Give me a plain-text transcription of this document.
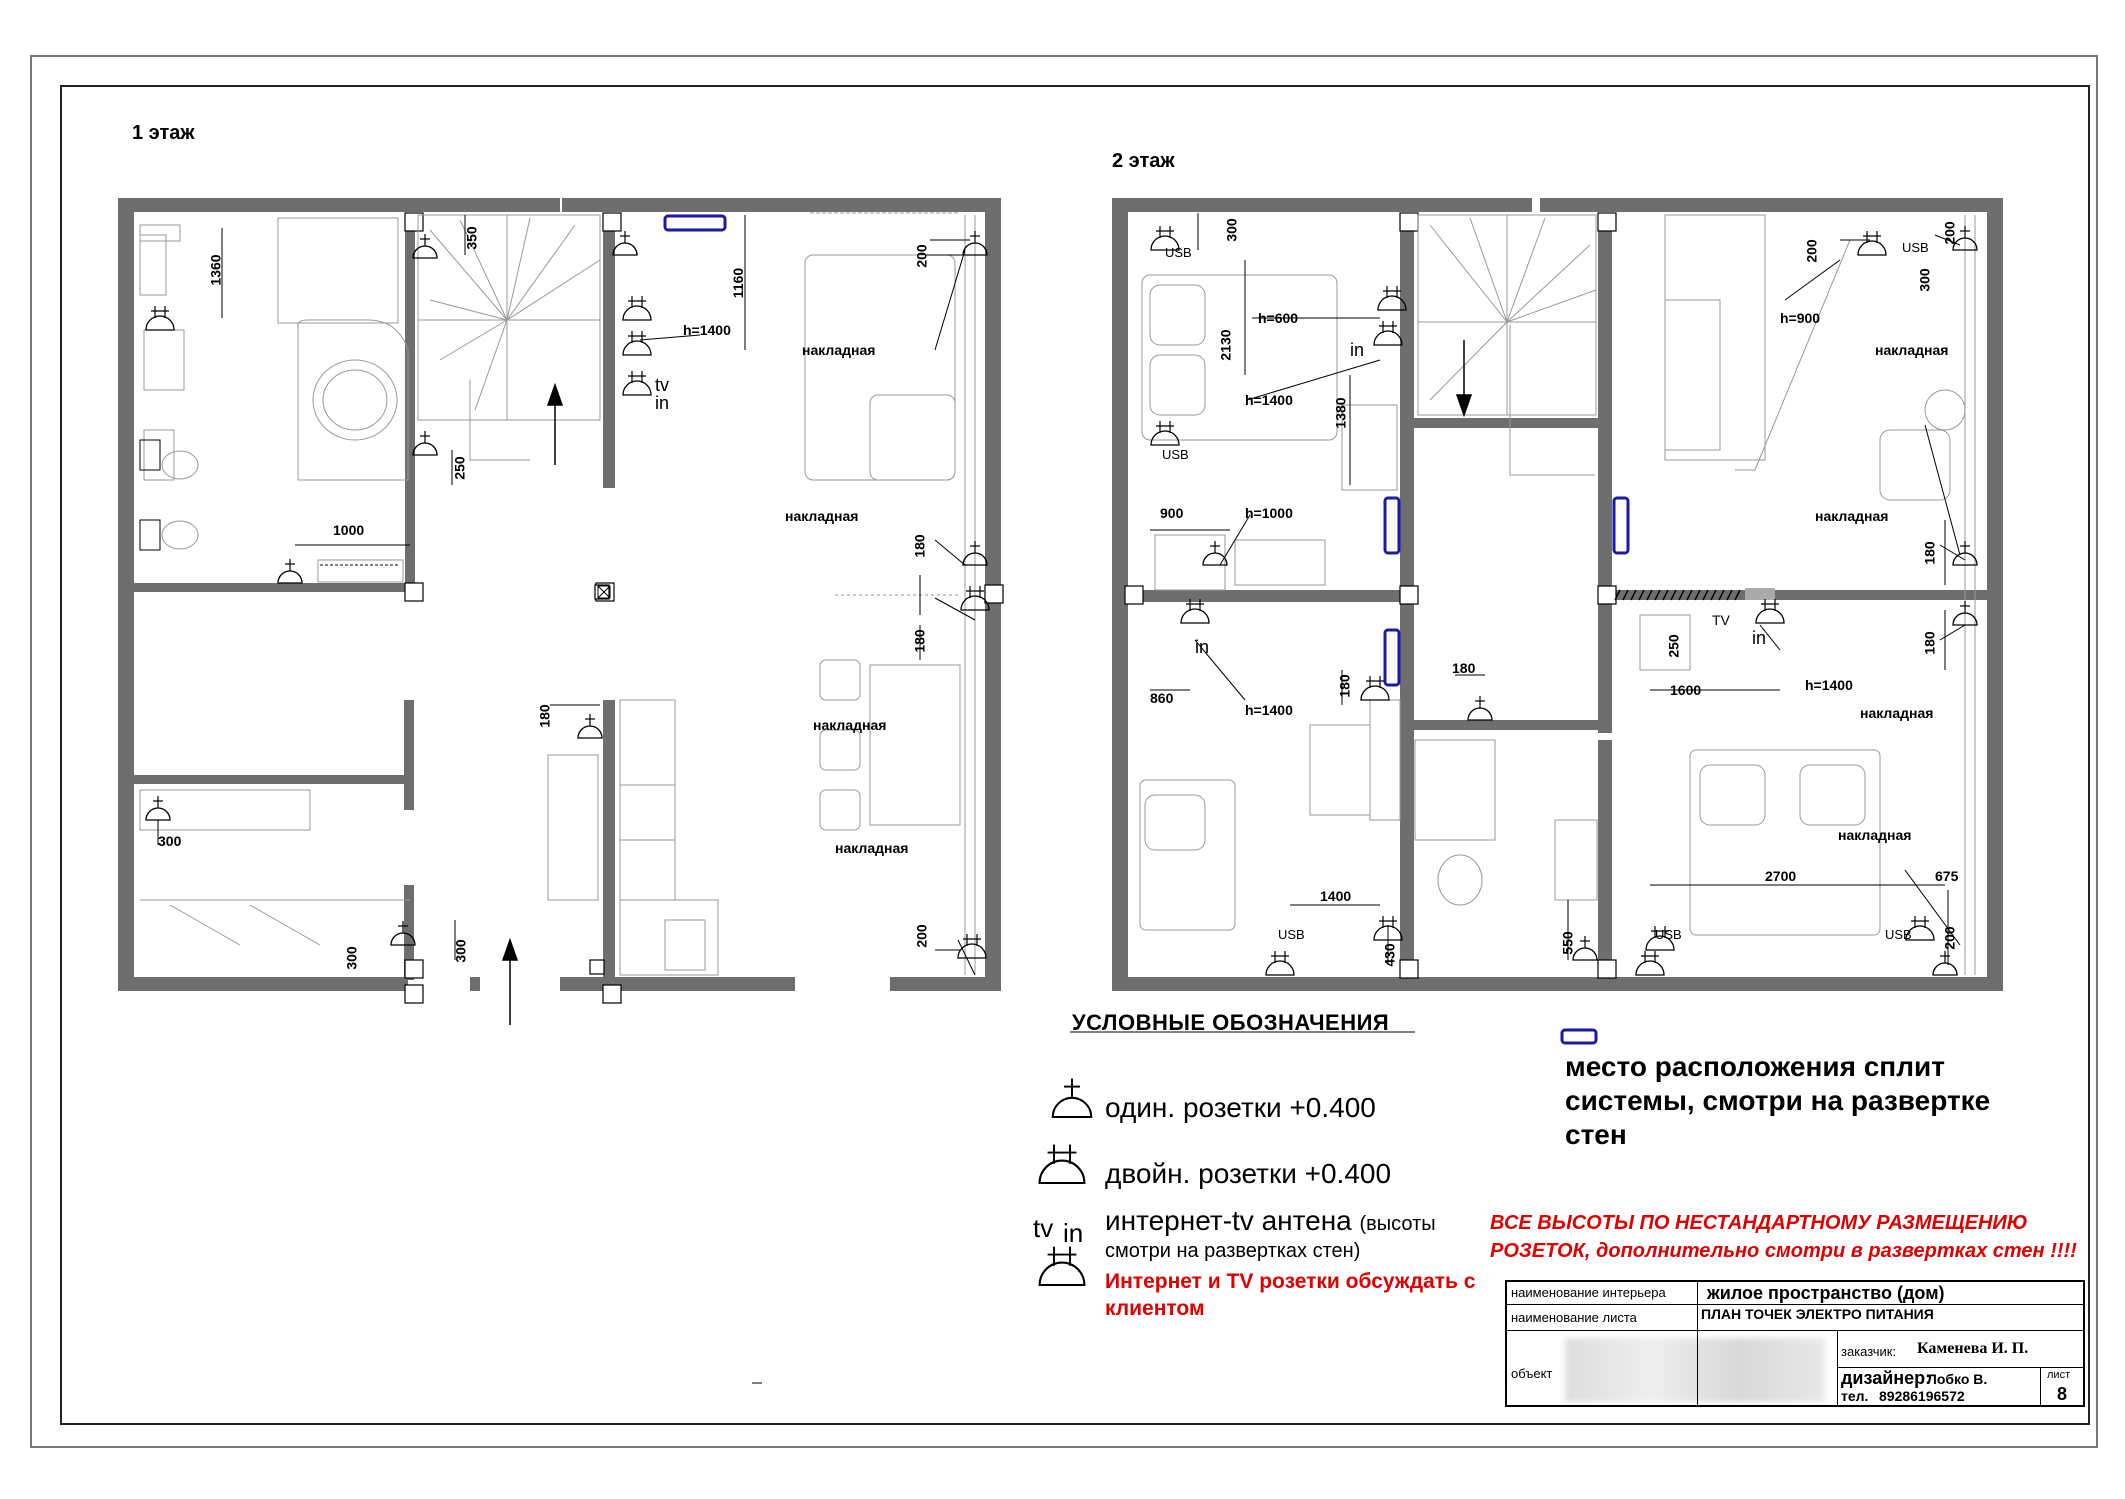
1 этаж
2 этаж
1360
350
1160
200
h=1400
tv
in
250
1000
180
180
180
300
300	300
200
накладная
накладная
накладная
накладная
300
USB
h=600
2130	in
h=1400	1380
USB
900	h=1000
in
860
h=1400
180
180
1400
USB
430
550
200	USB
300
h=900
200
180
180
250
TV
in
1600	h=1400
2700	675
USB	USB 200
накладная
накладная
накладная
накладная
УСЛОВНЫЕ ОБОЗНАЧЕНИЯ
один. розетки +0.400
двойн. розетки +0.400
tv in интернет-tv антена (высоты
смотри на развертках стен)
Интернет и TV розетки обсуждать с клиентом
место расположения сплит системы, смотри на развертке стен
ВСЕ ВЫСОТЫ ПО НЕСТАНДАРТНОМУ РАЗМЕЩЕНИЮ
РОЗЕТОК, дополнительно смотри в развертках стен !!!!
наименование интерьера жилое пространство (дом)
наименование листа	ПЛАН ТОЧЕК ЭЛЕКТРО ПИТАНИЯ
объект
заказчик: Каменева И. П.
дизайнер:
Лобко В.
тел. 89286196572
лист
8
